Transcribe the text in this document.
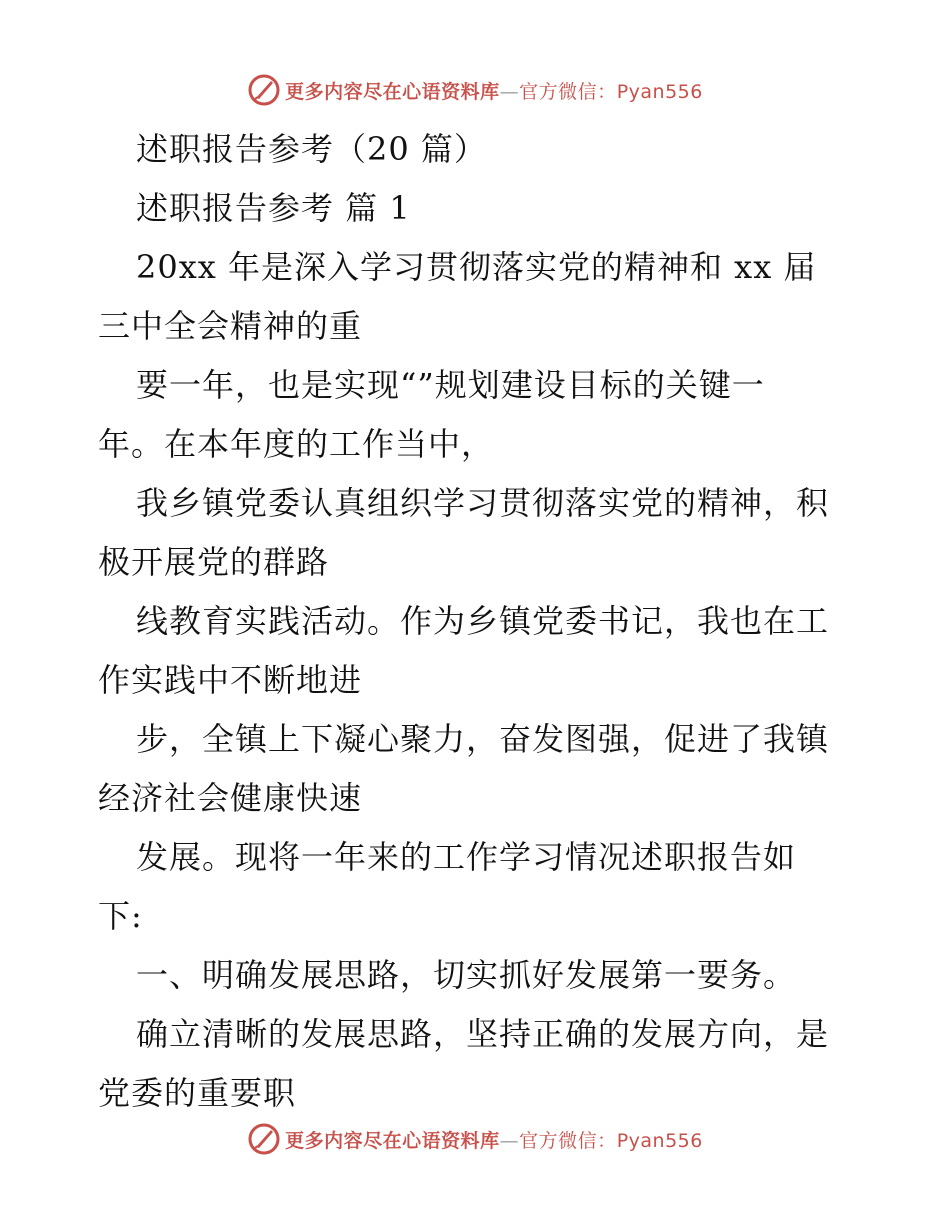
更多内容尽在心语资料库—官方微信：Pyan556
述职报告参考（20 篇）
述职报告参考 篇 1
20xx 年是深入学习贯彻落实党的精神和 xx 届
三中全会精神的重
要一年，也是实现“”规划建设目标的关键一
年。在本年度的工作当中，
我乡镇党委认真组织学习贯彻落实党的精神，积
极开展党的群路
线教育实践活动。作为乡镇党委书记，我也在工
作实践中不断地进
步，全镇上下凝心聚力，奋发图强，促进了我镇
经济社会健康快速
发展。现将一年来的工作学习情况述职报告如
下:
一、明确发展思路，切实抓好发展第一要务。
确立清晰的发展思路，坚持正确的发展方向，是
党委的重要职
更多内容尽在心语资料库—官方微信：Pyan556
